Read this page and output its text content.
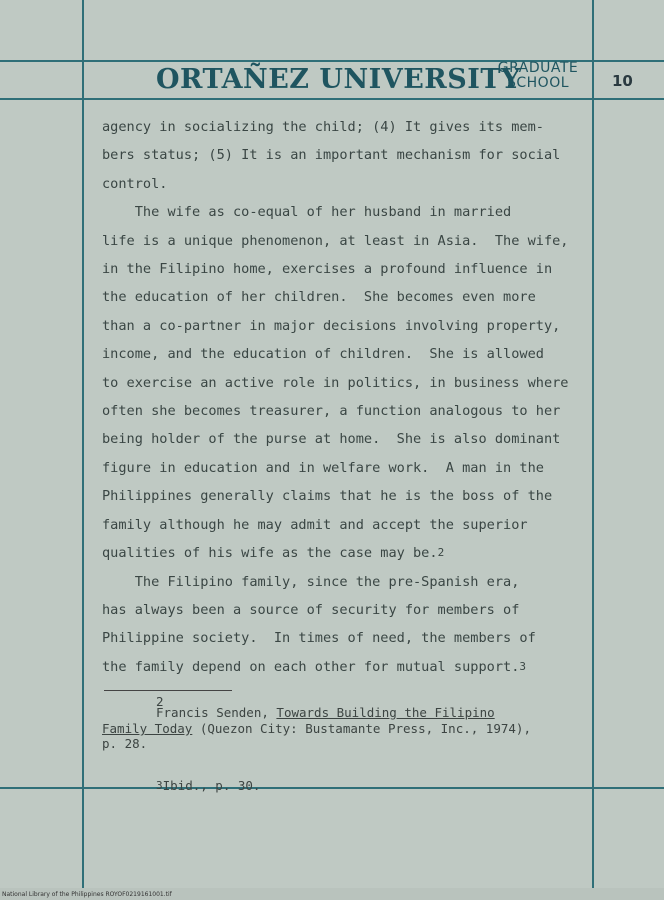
ORTAÑEZ UNIVERSITY
GRADUATE
SCHOOL	10
agency in socializing the child; (4) It gives its mem-
bers status; (5) It is an important mechanism for social
control.
The wife as co-equal of her husband in married
life is a unique phenomenon, at least in Asia.  The wife,
in the Filipino home, exercises a profound influence in
the education of her children.  She becomes even more
than a co-partner in major decisions involving property,
income, and the education of children.  She is allowed
to exercise an active role in politics, in business where
often she becomes treasurer, a function analogous to her
being holder of the purse at home.  She is also dominant
figure in education and in welfare work.  A man in the
Philippines generally claims that he is the boss of the
family although he may admit and accept the superior
qualities of his wife as the case may be.$^2$
The Filipino family, since the pre-Spanish era,
has always been a source of security for members of
Philippine society.  In times of need, the members of
the family depend on each other for mutual support.$^3$
2
Francis Senden, Towards Building the Filipino
Family Today (Quezon City: Bustamante Press, Inc., 1974),
p. 28.
3Ibid., p. 30.
National Library of the Philippines ROYOF0219161001.tif
